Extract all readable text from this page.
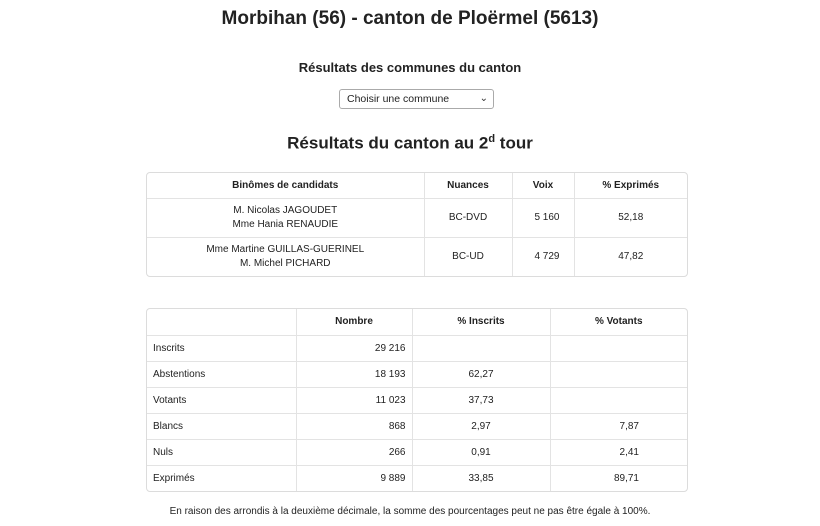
Morbihan (56) - canton de Ploërmel (5613)
Résultats des communes du canton
Choisir une commune	⌄
Résultats du canton au 2$^d$ tour
Binômes de candidats	Nuances	Voix	% Exprimés

M. Nicolas JAGOUDET
Mme Hania RENAUDIE	BC-DVD	5 160	52,18

Mme Martine GUILLAS-GUERINEL
M. Michel PICHARD	BC-UD	4 729	47,82
	Nombre	% Inscrits	% Votants
Inscrits	29 216		
Abstentions	18 193	62,27	
Votants	11 023	37,73	
Blancs	868	2,97	7,87
Nuls	266	0,91	2,41
Exprimés	9 889	33,85	89,71
En raison des arrondis à la deuxième décimale, la somme des pourcentages peut ne pas être égale à 100%.
